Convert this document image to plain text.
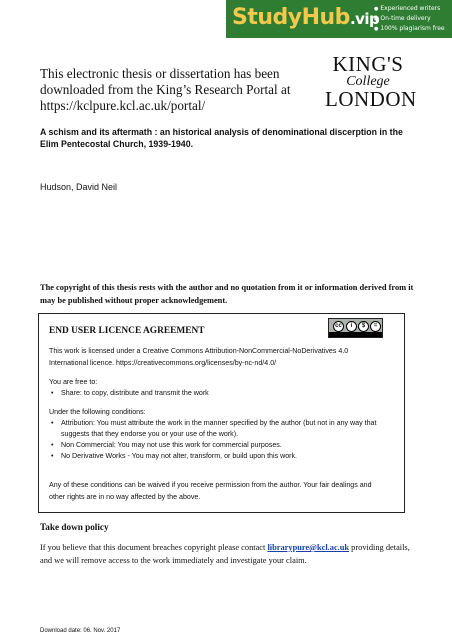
StudyHub.vip
● Experienced writers
● On-time delivery
● 100% plagiarism free
This electronic thesis or dissertation has been downloaded from the King’s Research Portal at https://kclpure.kcl.ac.uk/portal/
KING'S
College
LONDON
A schism and its aftermath : an historical analysis of denominational discerption in the Elim Pentecostal Church, 1939-1940.
Hudson, David Neil
The copyright of this thesis rests with the author and no quotation from it or information derived from it may be published without proper acknowledgement.
END USER LICENCE AGREEMENT	cc	i	$	=
This work is licensed under a Creative Commons Attribution-NonCommercial-NoDerivatives 4.0
International licence. https://creativecommons.org/licenses/by-nc-nd/4.0/
You are free to:
• Share: to copy, distribute and transmit the work
Under the following conditions:
• Attribution: You must attribute the work in the manner specified by the author (but not in any way that suggests that they endorse you or your use of the work).
• Non Commercial: You may not use this work for commercial purposes.
• No Derivative Works - You may not alter, transform, or build upon this work.
Any of these conditions can be waived if you receive permission from the author. Your fair dealings and
other rights are in no way affected by the above.
Take down policy
If you believe that this document breaches copyright please contact librarypure@kcl.ac.uk providing details, and we will remove access to the work immediately and investigate your claim.
Download date: 06. Nov. 2017
